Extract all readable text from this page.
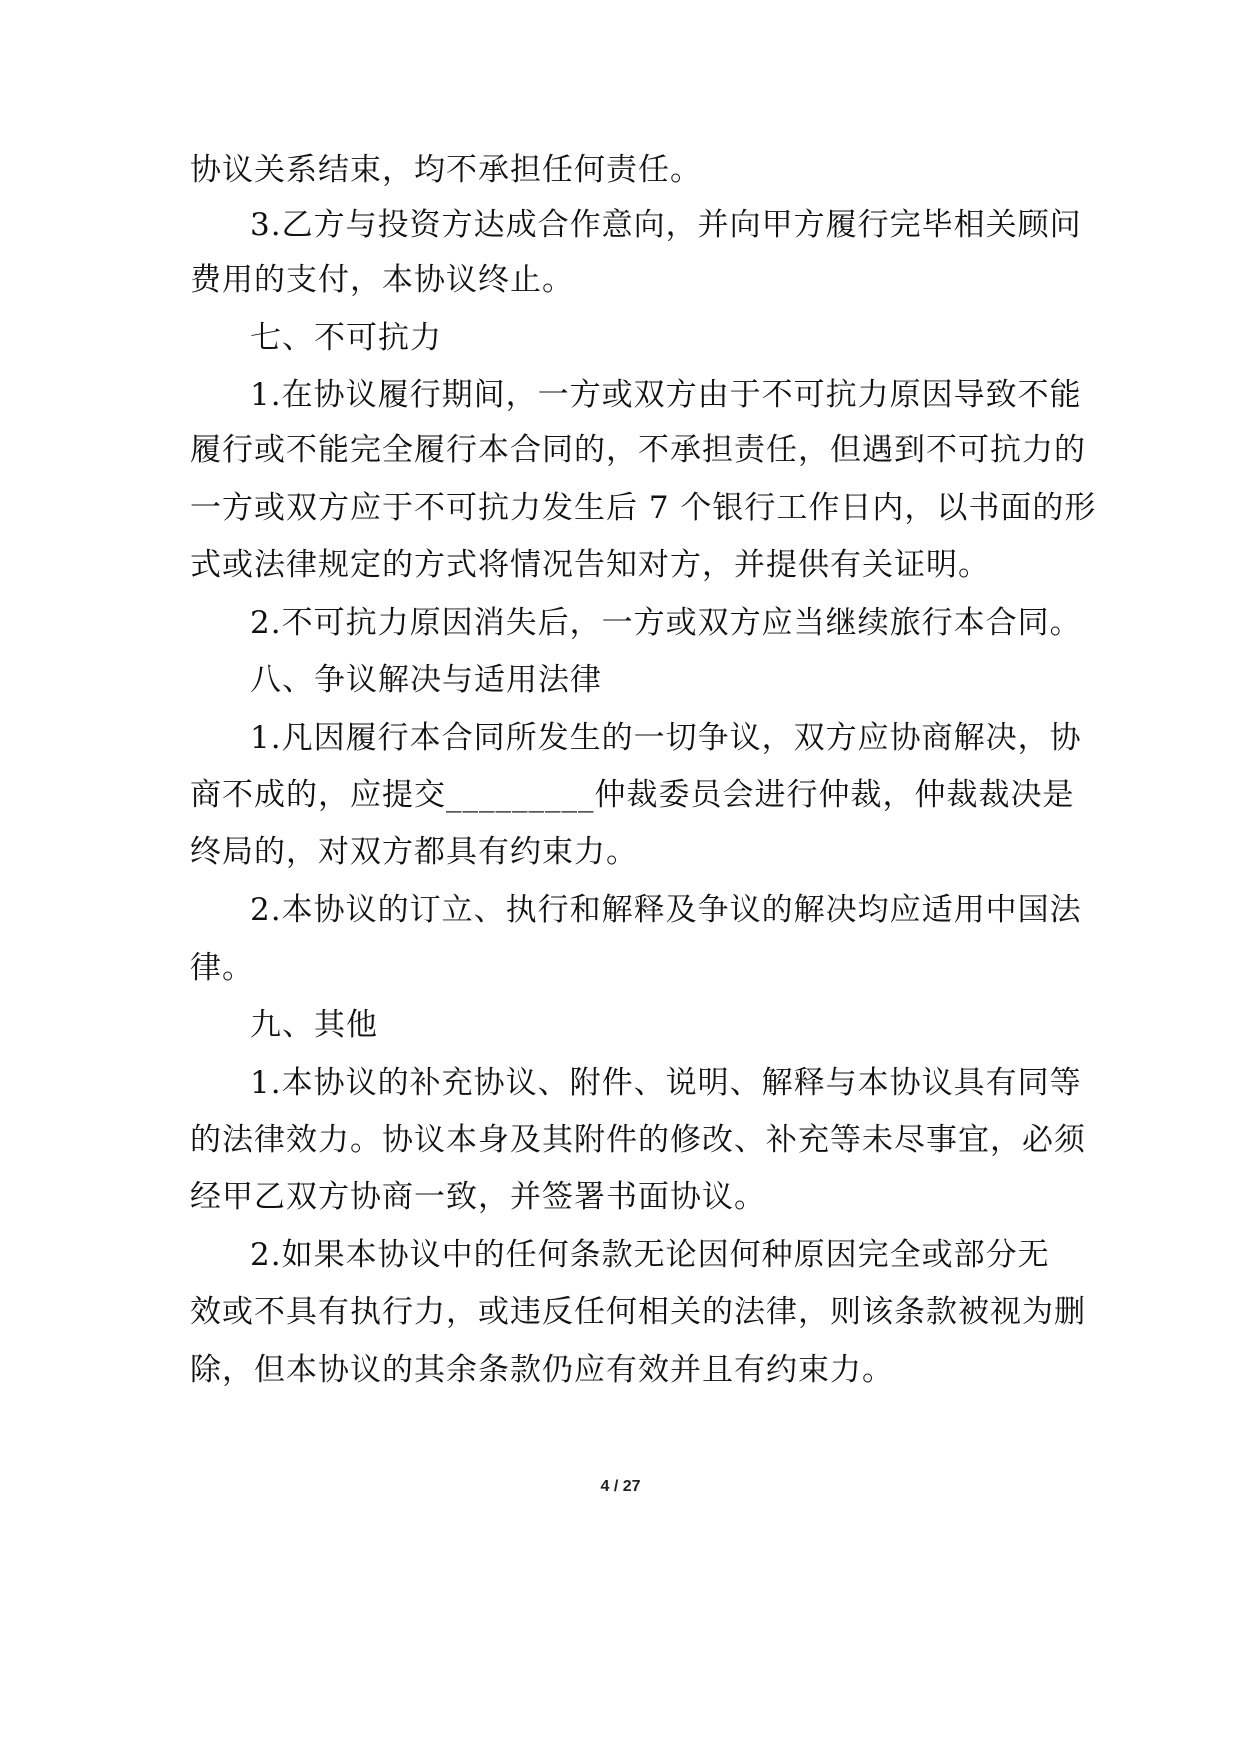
协议关系结束，均不承担任何责任。
3.乙方与投资方达成合作意向，并向甲方履行完毕相关顾问
费用的支付，本协议终止。
七、不可抗力
1.在协议履行期间，一方或双方由于不可抗力原因导致不能
履行或不能完全履行本合同的，不承担责任，但遇到不可抗力的
一方或双方应于不可抗力发生后 7 个银行工作日内，以书面的形
式或法律规定的方式将情况告知对方，并提供有关证明。
2.不可抗力原因消失后，一方或双方应当继续旅行本合同。
八、争议解决与适用法律
1.凡因履行本合同所发生的一切争议，双方应协商解决，协
商不成的，应提交_________仲裁委员会进行仲裁，仲裁裁决是
终局的，对双方都具有约束力。
2.本协议的订立、执行和解释及争议的解决均应适用中国法
律。
九、其他
1.本协议的补充协议、附件、说明、解释与本协议具有同等
的法律效力。协议本身及其附件的修改、补充等未尽事宜，必须
经甲乙双方协商一致，并签署书面协议。
2.如果本协议中的任何条款无论因何种原因完全或部分无
效或不具有执行力，或违反任何相关的法律，则该条款被视为删
除，但本协议的其余条款仍应有效并且有约束力。
4 / 27
